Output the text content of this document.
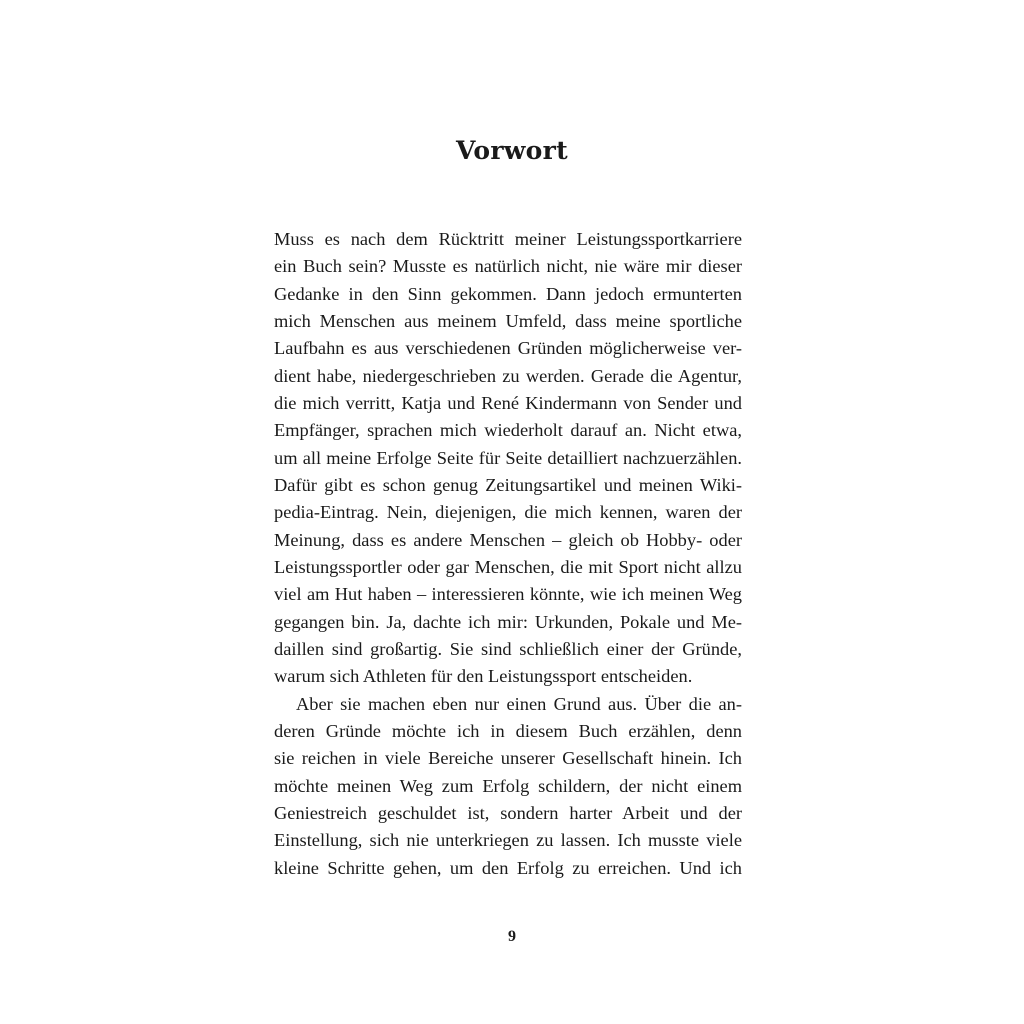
Vorwort
Muss es nach dem Rücktritt meiner Leistungssportkarriere
ein Buch sein? Musste es natürlich nicht, nie wäre mir dieser
Gedanke in den Sinn gekommen. Dann jedoch ermunterten
mich Menschen aus meinem Umfeld, dass meine sportliche
Laufbahn es aus verschiedenen Gründen möglicherweise ver-
dient habe, niedergeschrieben zu werden. Gerade die Agentur,
die mich verritt, Katja und René Kindermann von Sender und
Empfänger, sprachen mich wiederholt darauf an. Nicht etwa,
um all meine Erfolge Seite für Seite detailliert nachzuerzählen.
Dafür gibt es schon genug Zeitungsartikel und meinen Wiki-
pedia-Eintrag. Nein, diejenigen, die mich kennen, waren der
Meinung, dass es andere Menschen – gleich ob Hobby- oder
Leistungssportler oder gar Menschen, die mit Sport nicht allzu
viel am Hut haben – interessieren könnte, wie ich meinen Weg
gegangen bin. Ja, dachte ich mir: Urkunden, Pokale und Me-
daillen sind großartig. Sie sind schließlich einer der Gründe,
warum sich Athleten für den Leistungssport entscheiden.
Aber sie machen eben nur einen Grund aus. Über die an-
deren Gründe möchte ich in diesem Buch erzählen, denn
sie reichen in viele Bereiche unserer Gesellschaft hinein. Ich
möchte meinen Weg zum Erfolg schildern, der nicht einem
Geniestreich geschuldet ist, sondern harter Arbeit und der
Einstellung, sich nie unterkriegen zu lassen. Ich musste viele
kleine Schritte gehen, um den Erfolg zu erreichen. Und ich
9
